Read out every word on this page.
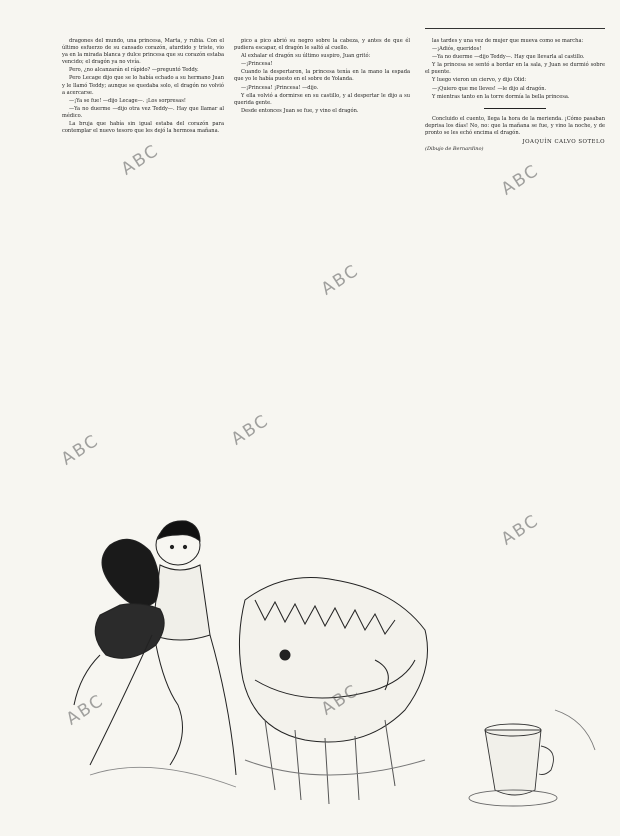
dragones del mundo, una princesa, Marta, y rubia. Con el último esfuerzo de su cansado corazón, aturdido y triste, vio ya en la mirada blanca y dulce princesa que su corazón estaba vencido; el dragón ya no vivía.

Pero, ¿no alcanzarán el rápido? —preguntó Teddy.

Pero Lecage dijo que se lo había echado a su hermano Juan y le llamó Teddy; aunque se quedaba solo, el dragón no volvió a acercarse.

—¡Ya se fue! —dijo Lecage—. ¡Los sorpresas!

—Ya no duerme —dijo otra vez Teddy—. Hay que llamar al médico.

La bruja que había sin igual estaba del corazón para contemplar el nuevo tesoro que les dejó la hermosa mañana.

pico a pico abrió su negro sobre la cabeza, y antes de que él pudiera escapar, el dragón le saltó al cuello.

Al exhalar el dragón su último suspiro, Juan gritó:

—¡Princesa!

Cuando la despertaron, la princesa tenía en la mano la espada que yo le había puesto en el sobre de Yolanda.

—¡Princesa! ¡Princesa! —dijo.

Y ella volvió a dormirse en su castillo, y al despertar le dijo a su querida gente.

Desde entonces Juan se fue, y vino el dragón.

las tardes y una vez de mujer que mueva como se marcha:

—¡Adiós, queridos!

—Ya no duerme —dijo Teddy—. Hay que llevarla al castillo.

Y la princesa se sentó a bordar en la sala, y Juan se durmió sobre el puente.

Y luego vieron un ciervo, y dijo Olid:

—¡Quiero que me lleves! —le dijo al dragón.

Y mientras tanto en la torre dormía la bella princesa.

Concluido el cuento, llega la hora de la merienda. ¡Cómo pasaban deprisa los días! No, no: que la mañana se fue, y vino la noche, y de pronto se les echó encima el dragón.

JOAQUÍN CALVO SOTELO

(Dibujo de Bernardino)

ABC
ABC
ABC
ABC
ABC
ABC
ABC	ABC
